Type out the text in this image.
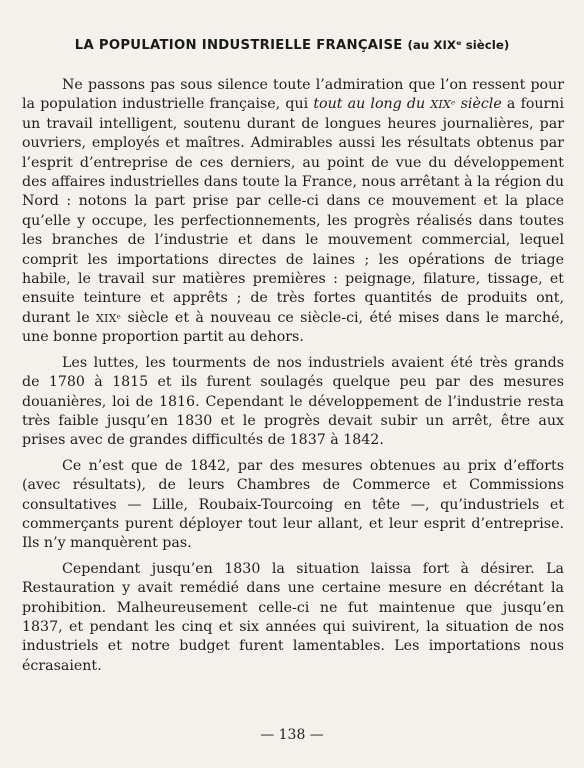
LA POPULATION INDUSTRIELLE FRANÇAISE (au XIXᵉ siècle)

Ne passons pas sous silence toute l’admiration que l’on ressent pour la population industrielle française, qui tout au long du XIXᵉ siècle a fourni un travail intelligent, soutenu durant de longues heures journalières, par ouvriers, employés et maîtres. Admirables aussi les résultats obtenus par l’esprit d’entreprise de ces derniers, au point de vue du développement des affaires industrielles dans toute la France, nous arrêtant à la région du Nord : notons la part prise par celle-ci dans ce mouvement et la place qu’elle y occupe, les perfectionnements, les progrès réalisés dans toutes les branches de l’industrie et dans le mouvement commercial, lequel comprit les importations directes de laines ; les opérations de triage habile, le travail sur matières premières : peignage, filature, tissage, et ensuite teinture et apprêts ; de très fortes quantités de produits ont, durant le XIXᵉ siècle et à nouveau ce siècle-ci, été mises dans le marché, une bonne proportion partit au dehors.

Les luttes, les tourments de nos industriels avaient été très grands de 1780 à 1815 et ils furent soulagés quelque peu par des mesures douanières, loi de 1816. Cependant le développement de l’industrie resta très faible jusqu’en 1830 et le progrès devait subir un arrêt, être aux prises avec de grandes difficultés de 1837 à 1842.

Ce n’est que de 1842, par des mesures obtenues au prix d’efforts (avec résultats), de leurs Chambres de Commerce et Commissions consultatives — Lille, Roubaix-Tourcoing en tête —, qu’industriels et commerçants purent déployer tout leur allant, et leur esprit d’entreprise. Ils n’y manquèrent pas.

Cependant jusqu’en 1830 la situation laissa fort à désirer. La Restauration y avait remédié dans une certaine mesure en décrétant la prohibition. Malheureusement celle-ci ne fut maintenue que jusqu’en 1837, et pendant les cinq et six années qui suivirent, la situation de nos industriels et notre budget furent lamentables. Les importations nous écrasaient.

— 138 —
